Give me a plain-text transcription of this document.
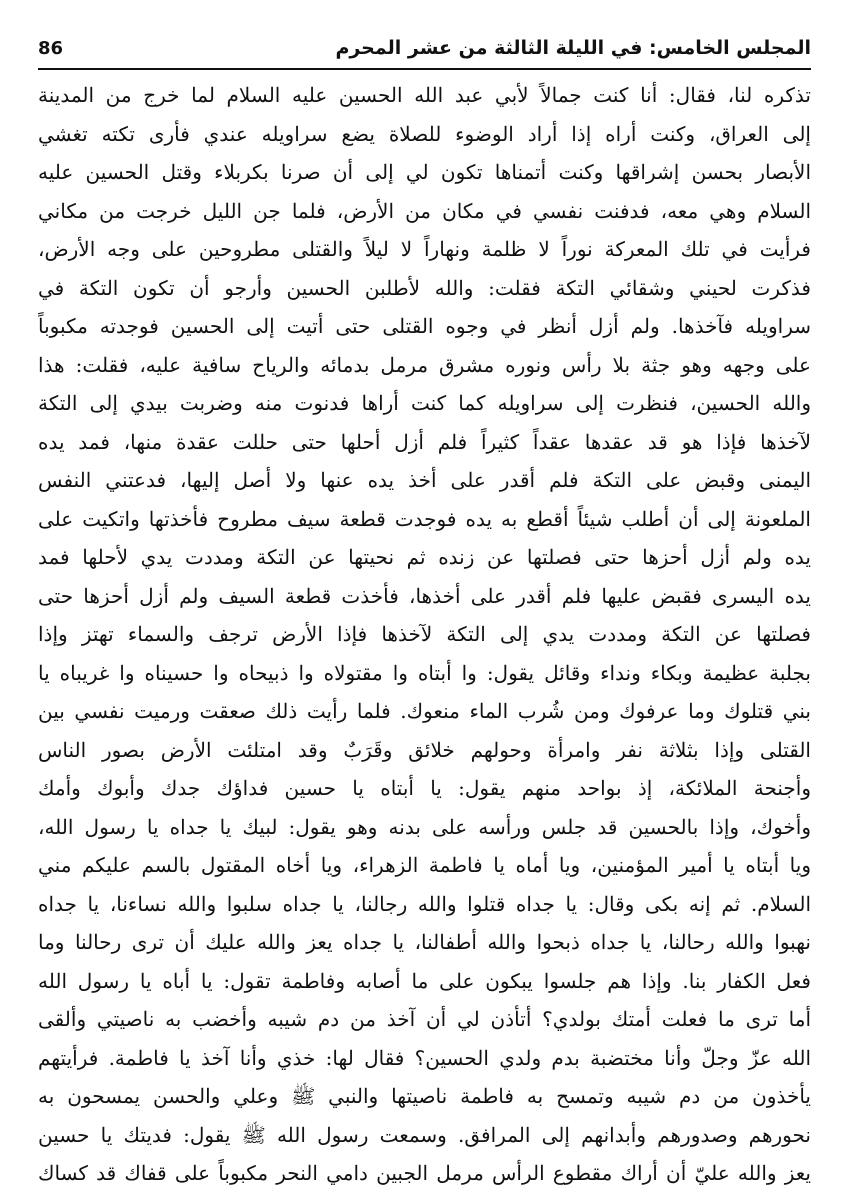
المجلس الخامس: في الليلة الثالثة من عشر المحرم
86
تذكره لنا، فقال: أنا كنت جمالاً لأبي عبد الله الحسين عليه السلام لما خرج من المدينة
إلى العراق، وكنت أراه إذا أراد الوضوء للصلاة يضع سراويله عندي فأرى تكته تغشي
الأبصار بحسن إشراقها وكنت أتمناها تكون لي إلى أن صرنا بكربلاء وقتل الحسين عليه
السلام وهي معه، فدفنت نفسي في مكان من الأرض، فلما جن الليل خرجت من مكاني
فرأيت في تلك المعركة نوراً لا ظلمة ونهاراً لا ليلاً والقتلى مطروحين على وجه الأرض،
فذكرت لحيني وشقائي التكة فقلت: والله لأطلبن الحسين وأرجو أن تكون التكة في
سراويله فآخذها. ولم أزل أنظر في وجوه القتلى حتى أتيت إلى الحسين فوجدته مكبوباً
على وجهه وهو جثة بلا رأس ونوره مشرق مرمل بدمائه والرياح سافية عليه، فقلت: هذا
والله الحسين، فنظرت إلى سراويله كما كنت أراها فدنوت منه وضربت بيدي إلى التكة
لآخذها فإذا هو قد عقدها عقداً كثيراً فلم أزل أحلها حتى حللت عقدة منها، فمد يده
اليمنى وقبض على التكة فلم أقدر على أخذ يده عنها ولا أصل إليها، فدعتني النفس
الملعونة إلى أن أطلب شيئاً أقطع به يده فوجدت قطعة سيف مطروح فأخذتها واتكيت على
يده ولم أزل أحزها حتى فصلتها عن زنده ثم نحيتها عن التكة ومددت يدي لأحلها فمد
يده اليسرى فقبض عليها فلم أقدر على أخذها، فأخذت قطعة السيف ولم أزل أحزها حتى
فصلتها عن التكة ومددت يدي إلى التكة لآخذها فإذا الأرض ترجف والسماء تهتز وإذا
بجلبة عظيمة وبكاء ونداء وقائل يقول: وا أبتاه وا مقتولاه وا ذبيحاه وا حسيناه وا غريباه يا
بني قتلوك وما عرفوك ومن شُرب الماء منعوك. فلما رأيت ذلك صعقت ورميت نفسي بين
القتلى وإذا بثلاثة نفر وامرأة وحولهم خلائق وقَرَبٌ وقد امتلئت الأرض بصور الناس
وأجنحة الملائكة، إذ بواحد منهم يقول: يا أبتاه يا حسين فداؤك جدك وأبوك وأمك
وأخوك، وإذا بالحسين قد جلس ورأسه على بدنه وهو يقول: لبيك يا جداه يا رسول الله،
ويا أبتاه يا أمير المؤمنين، ويا أماه يا فاطمة الزهراء، ويا أخاه المقتول بالسم عليكم مني
السلام. ثم إنه بكى وقال: يا جداه قتلوا والله رجالنا، يا جداه سلبوا والله نساءنا، يا جداه
نهبوا والله رحالنا، يا جداه ذبحوا والله أطفالنا، يا جداه يعز والله عليك أن ترى رحالنا وما
فعل الكفار بنا. وإذا هم جلسوا يبكون على ما أصابه وفاطمة تقول: يا أباه يا رسول الله
أما ترى ما فعلت أمتك بولدي؟ أتأذن لي أن آخذ من دم شيبه وأخضب به ناصيتي وألقى
الله عزّ وجلّ وأنا مختضبة بدم ولدي الحسين؟ فقال لها: خذي وأنا آخذ يا فاطمة. فرأيتهم
يأخذون من دم شيبه وتمسح به فاطمة ناصيتها والنبي ﷺ وعلي والحسن يمسحون به
نحورهم وصدورهم وأبدانهم إلى المرافق. وسمعت رسول الله ﷺ يقول: فديتك يا حسين
يعز والله عليّ أن أراك مقطوع الرأس مرمل الجبين دامي النحر مكبوباً على قفاك قد كساك
